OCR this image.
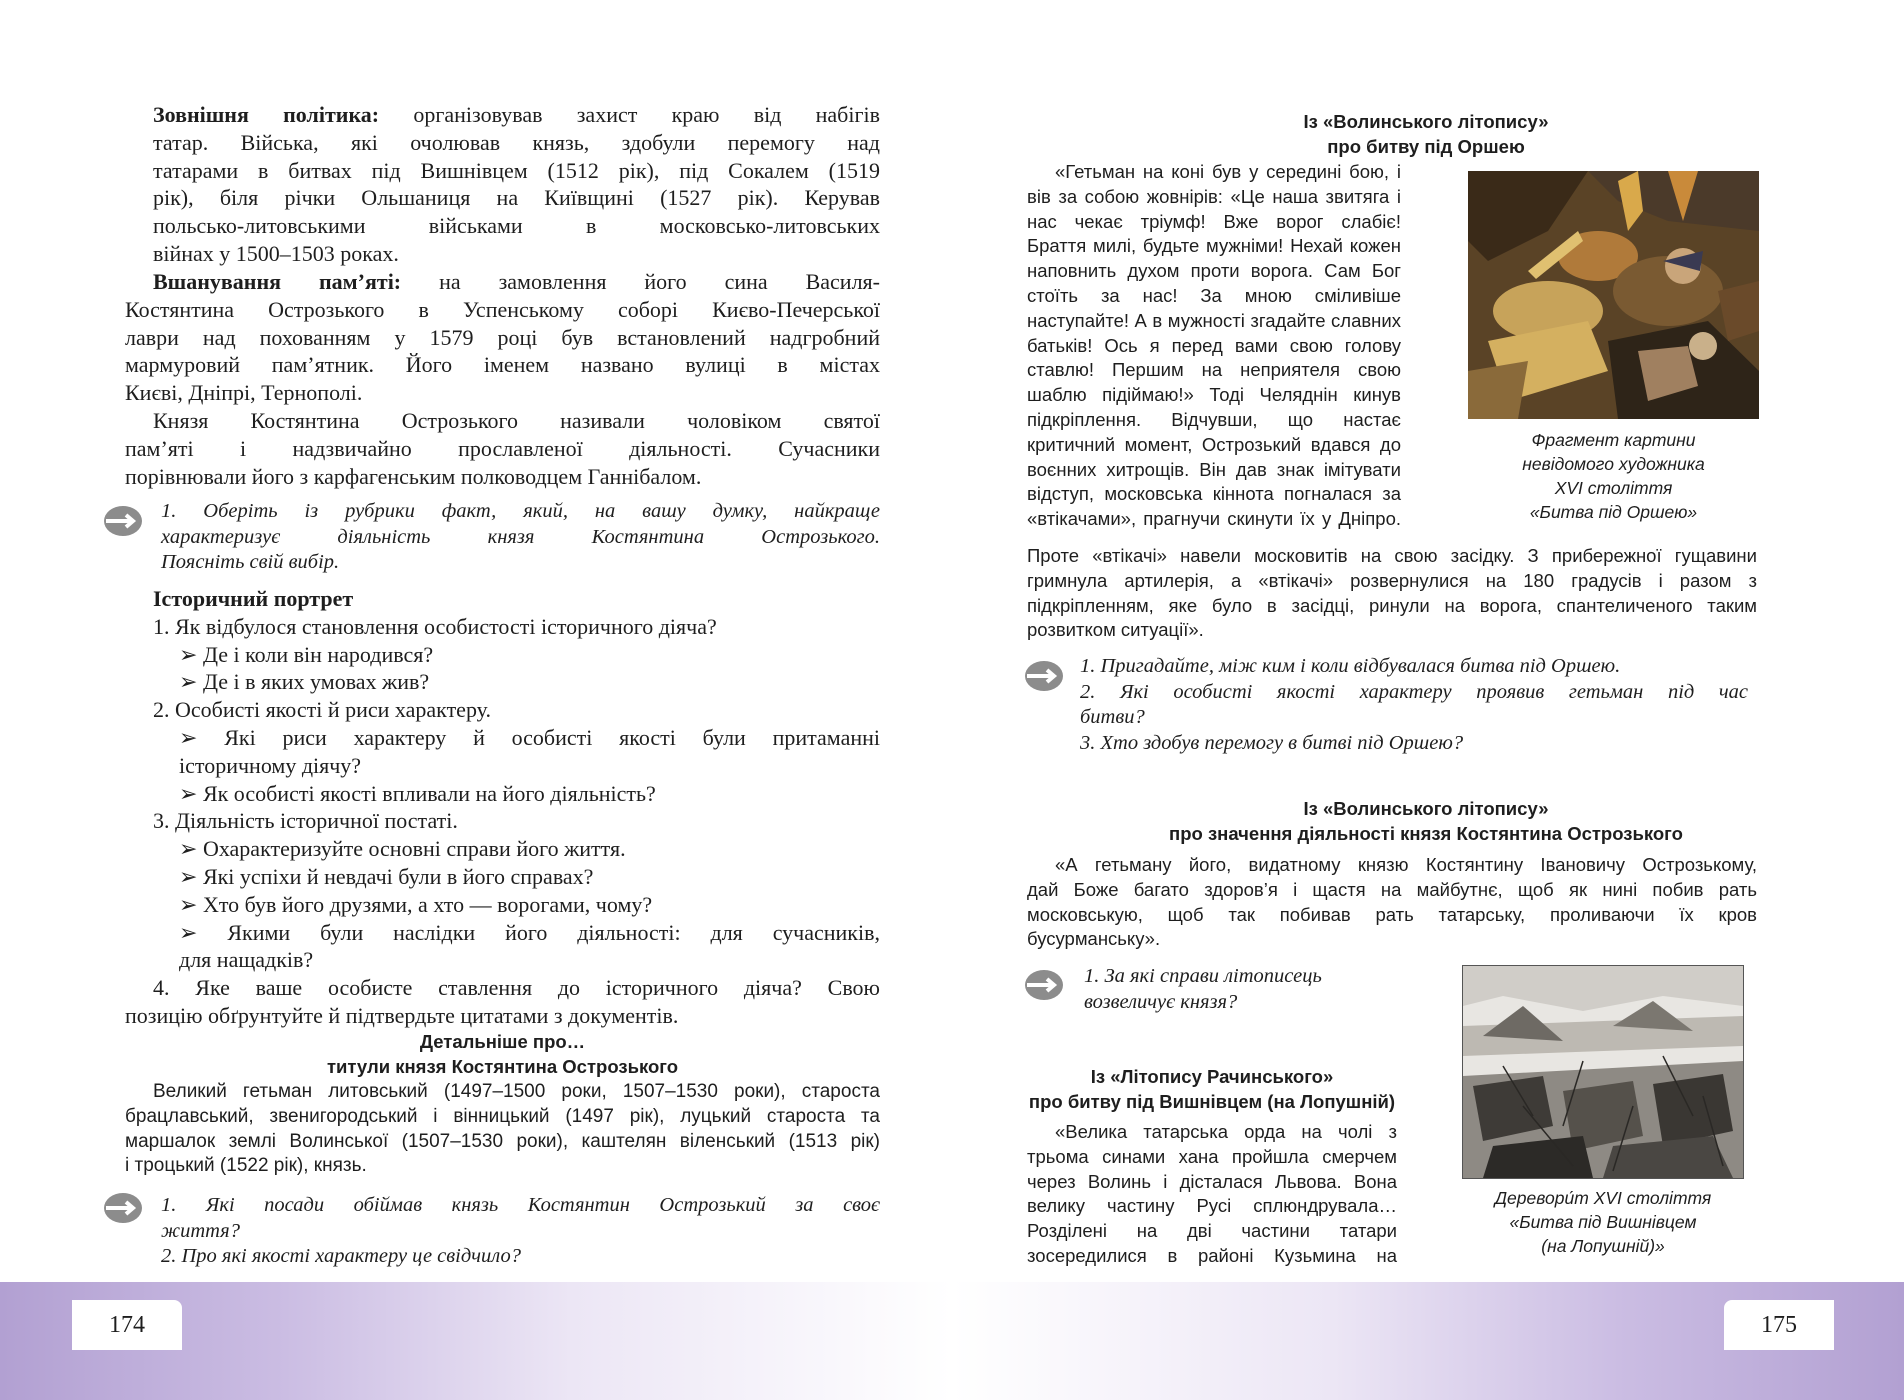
Зовнішня політика: організовував захист краю від набігів
татар. Війська, які очолював князь, здобули перемогу над
татарами в битвах під Вишнівцем (1512 рік), під Сокалем (1519
рік), біля річки Ольшаниця на Київщині (1527 рік). Керував
польсько-литовськими військами в московсько-литовських
війнах у 1500–1503 роках.
Вшанування пам’яті: на замовлення його сина Василя-
Костянтина Острозького в Успенському соборі Києво-Печерської
лаври над похованням у 1579 році був встановлений надгробний
мармуровий пам’ятник. Його іменем названо вулиці в містах
Києві, Дніпрі, Тернополі.
Князя Костянтина Острозького називали чоловіком святої
пам’яті і надзвичайно прославленої діяльності. Сучасники
порівнювали його з карфагенським полководцем Ганнібалом.
1. Оберіть із рубрики факт, який, на вашу думку, найкраще
характеризує діяльність князя Костянтина Острозького.
Поясніть свій вибір.
Історичний портрет
1. Як відбулося становлення особистості історичного діяча?
➢ Де і коли він народився?
➢ Де і в яких умовах жив?
2. Особисті якості й риси характеру.
➢ Які риси характеру й особисті якості були притаманні
історичному діячу?
➢ Як особисті якості впливали на його діяльність?
3. Діяльність історичної постаті.
➢ Охарактеризуйте основні справи його життя.
➢ Які успіхи й невдачі були в його справах?
➢ Хто був його друзями, а хто — ворогами, чому?
➢ Якими були наслідки його діяльності: для сучасників,
для нащадків?
4. Яке ваше особисте ставлення до історичного діяча? Свою
позицію обґрунтуйте й підтвердьте цитатами з документів.
Детальніше про…
титули князя Костянтина Острозького
Великий гетьман литовський (1497–1500 роки, 1507–1530 роки), староста
брацлавський, звенигородський і вінницький (1497 рік), луцький староста та
маршалок землі Волинської (1507–1530 роки), каштелян віленський (1513 рік)
і троцький (1522 рік), князь.
1. Які посади обіймав князь Костянтин Острозький за своє
життя?
2. Про які якості характеру це свідчило?
174
Із «Волинського літопису»
про битву під Оршею
«Гетьман на коні був у середині бою, і
вів за собою жовнірів: «Це наша звитяга і
нас чекає тріумф! Вже ворог слабіє!
Браття милі, будьте мужніми! Нехай кожен
наповнить духом проти ворога. Сам Бог
стоїть за нас! За мною сміливіше
наступайте! А в мужності згадайте славних
батьків! Ось я перед вами свою голову
ставлю! Першим на неприятеля свою
шаблю підіймаю!» Тоді Челяднін кинув
підкріплення. Відчувши, що настає
критичний момент, Острозький вдався до
воєнних хитрощів. Він дав знак імітувати
відступ, московська кіннота погналася за
«втікачами», прагнучи скинути їх у Дніпро.
Фрагмент картини
невідомого художника
XVI століття
«Битва під Оршею»
Проте «втікачі» навели московитів на свою засідку. З прибережної гущавини
гримнула артилерія, а «втікачі» розвернулися на 180 градусів і разом з
підкріпленням, яке було в засідці, ринули на ворога, спантеличеного таким
розвитком ситуації».
1. Пригадайте, між ким і коли відбувалася битва під Оршею.
2. Які особисті якості характеру проявив гетьман під час
битви?
3. Хто здобув перемогу в битві під Оршею?
Із «Волинського літопису»
про значення діяльності князя Костянтина Острозького
«А гетьману його, видатному князю Костянтину Івановичу Острозькому,
дай Боже багато здоров’я і щастя на майбутнє, щоб як нині побив рать
московськую, щоб так побивав рать татарську, проливаючи їх кров
бусурманську».
1. За які справи літописець
возвеличує князя?
Із «Літопису Рачинського»
про битву під Вишнівцем (на Лопушній)
«Велика татарська орда на чолі з
трьома синами хана пройшла смерчем
через Волинь і дісталася Львова. Вона
велику частину Русі сплюндрувала…
Розділені на дві частини татари
зосередилися в районі Кузьмина на
Деревори́т XVI століття
«Битва під Вишнівцем
(на Лопушній)»
175
